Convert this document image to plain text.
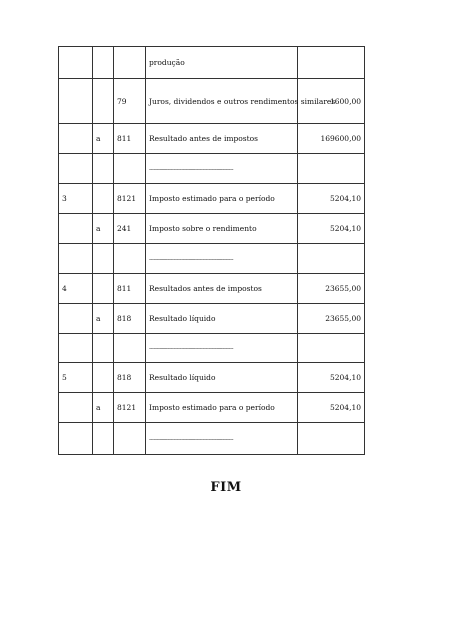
			produção	
		79	Juros, dividendos e outros rendimentos similares	1600,00
	a	811	Resultado antes de impostos	169600,00
			-------------------------------------------------------	
3		8121	Imposto estimado para o período	5204,10
	a	241	Imposto sobre o rendimento	5204,10
			-------------------------------------------------------	
4		811	Resultados antes de impostos	23655,00
	a	818	Resultado líquido	23655,00
			-------------------------------------------------------	
5		818	Resultado líquido	5204,10
	a	8121	Imposto estimado para o período	5204,10
			-------------------------------------------------------	
FIM
